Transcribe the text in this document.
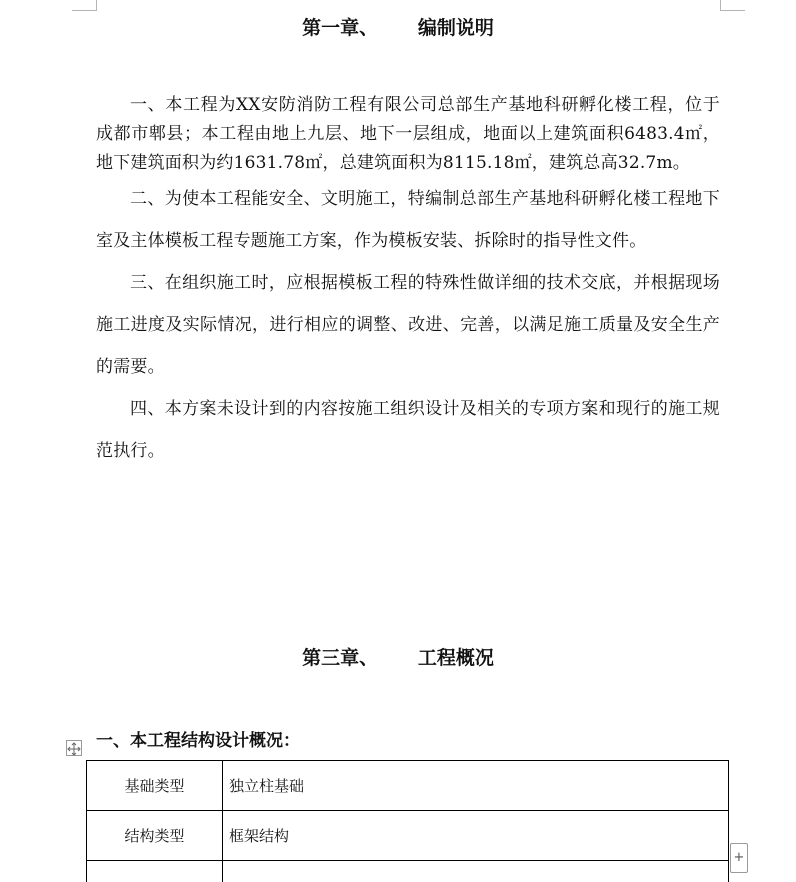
第一章、      编制说明

一、本工程为XX安防消防工程有限公司总部生产基地科研孵化楼工程，位于成都市郫县；本工程由地上九层、地下一层组成，地面以上建筑面积6483.4㎡，地下建筑面积为约1631.78㎡，总建筑面积为8115.18㎡，建筑总高32.7m。

二、为使本工程能安全、文明施工，特编制总部生产基地科研孵化楼工程地下室及主体模板工程专题施工方案，作为模板安装、拆除时的指导性文件。

三、在组织施工时，应根据模板工程的特殊性做详细的技术交底，并根据现场施工进度及实际情况，进行相应的调整、改进、完善，以满足施工质量及安全生产的需要。

四、本方案未设计到的内容按施工组织设计及相关的专项方案和现行的施工规范执行。

第三章、      工程概况
一、本工程结构设计概况：
基础类型	独立柱基础
结构类型	框架结构

+
